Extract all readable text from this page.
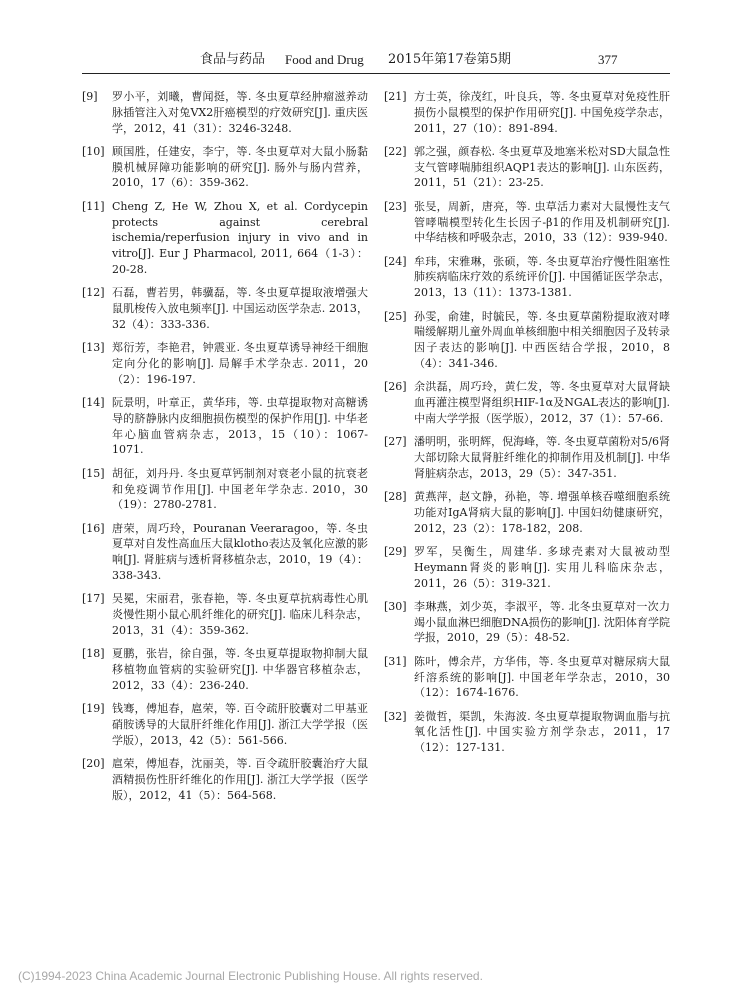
食品与药品 Food and Drug 2015年第17卷第5期	377
[9] 罗小平，刘曦，曹闻挺，等. 冬虫夏草经肿瘤滋养动脉插管注入对兔VX2肝癌模型的疗效研究[J]. 重庆医学，2012，41（31）：3246-3248.
[10] 顾国胜，任建安，李宁，等. 冬虫夏草对大鼠小肠黏膜机械屏障功能影响的研究[J]. 肠外与肠内营养，2010，17（6）：359-362.
[11] Cheng Z, He W, Zhou X, et al. Cordycepin protects against cerebral ischemia/reperfusion injury in vivo and in vitro[J]. Eur J Pharmacol, 2011, 664（1-3）：20-28.
[12] 石磊，曹若男，韩骥磊，等. 冬虫夏草提取液增强大鼠肌梭传入放电频率[J]. 中国运动医学杂志. 2013，32（4）：333-336.
[13] 郑衍芳，李艳君，钟震亚. 冬虫夏草诱导神经干细胞定向分化的影响[J]. 局解手术学杂志. 2011，20（2）：196-197.
[14] 阮景明，叶章正，黄华玮，等. 虫草提取物对高糖诱导的脐静脉内皮细胞损伤模型的保护作用[J]. 中华老年心脑血管病杂志，2013，15（10）：1067-1071.
[15] 胡征，刘丹丹. 冬虫夏草钙制剂对衰老小鼠的抗衰老和免疫调节作用[J]. 中国老年学杂志. 2010，30（19）：2780-2781.
[16] 唐荣，周巧玲，Pouranan Veeraragoo，等. 冬虫夏草对自发性高血压大鼠klotho表达及氧化应激的影响[J]. 肾脏病与透析肾移植杂志，2010，19（4）：338-343.
[17] 吴冕，宋丽君，张春艳，等. 冬虫夏草抗病毒性心肌炎慢性期小鼠心肌纤维化的研究[J]. 临床儿科杂志，2013，31（4）：359-362.
[18] 夏鹏，张岩，徐自强，等. 冬虫夏草提取物抑制大鼠移植物血管病的实验研究[J]. 中华器官移植杂志，2012，33（4）：236-240.
[19] 钱骞，傅旭春，扈荣，等. 百令疏肝胶囊对二甲基亚硝胺诱导的大鼠肝纤维化作用[J]. 浙江大学学报（医学版），2013，42（5）：561-566.
[20] 扈荣，傅旭春，沈丽美，等. 百令疏肝胶囊治疗大鼠酒精损伤性肝纤维化的作用[J]. 浙江大学学报（医学版），2012，41（5）：564-568.
[21] 方士英，徐茂红，叶良兵，等. 冬虫夏草对免疫性肝损伤小鼠模型的保护作用研究[J]. 中国免疫学杂志，2011，27（10）：891-894.
[22] 郭之强，颜春松. 冬虫夏草及地塞米松对SD大鼠急性支气管哮喘肺组织AQP1表达的影响[J]. 山东医药，2011，51（21）：23-25.
[23] 张旻，周新，唐亮，等. 虫草活力素对大鼠慢性支气管哮喘模型转化生长因子-β1的作用及机制研究[J]. 中华结核和呼吸杂志，2010，33（12）：939-940.
[24] 牟玮，宋雅琳，张硕，等. 冬虫夏草治疗慢性阻塞性肺疾病临床疗效的系统评价[J]. 中国循证医学杂志，2013，13（11）：1373-1381.
[25] 孙雯，俞建，时毓民，等. 冬虫夏草菌粉提取液对哮喘缓解期儿童外周血单核细胞中相关细胞因子及转录因子表达的影响[J]. 中西医结合学报，2010，8（4）：341-346.
[26] 余洪磊，周巧玲，黄仁发，等. 冬虫夏草对大鼠肾缺血再灌注模型肾组织HIF-1α及NGAL表达的影响[J]. 中南大学学报（医学版），2012，37（1）：57-66.
[27] 潘明明，张明辉，倪海峰，等. 冬虫夏草菌粉对5/6肾大部切除大鼠肾脏纤维化的抑制作用及机制[J]. 中华肾脏病杂志，2013，29（5）：347-351.
[28] 黄燕萍，赵文静，孙艳，等. 增强单核吞噬细胞系统功能对IgA肾病大鼠的影响[J]. 中国妇幼健康研究，2012，23（2）：178-182，208.
[29] 罗军，吴衡生，周建华. 多球壳素对大鼠被动型Heymann肾炎的影响[J]. 实用儿科临床杂志，2011，26（5）：319-321.
[30] 李琳燕，刘少英，李淑平，等. 北冬虫夏草对一次力竭小鼠血淋巴细胞DNA损伤的影响[J]. 沈阳体育学院学报，2010，29（5）：48-52.
[31] 陈叶，傅余芹，方华伟，等. 冬虫夏草对糖尿病大鼠纤溶系统的影响[J]. 中国老年学杂志，2010，30（12）：1674-1676.
[32] 姜微哲，渠凯，朱海波. 冬虫夏草提取物调血脂与抗氧化活性[J]. 中国实验方剂学杂志，2011，17（12）：127-131.
(C)1994-2023 China Academic Journal Electronic Publishing House. All rights reserved.
